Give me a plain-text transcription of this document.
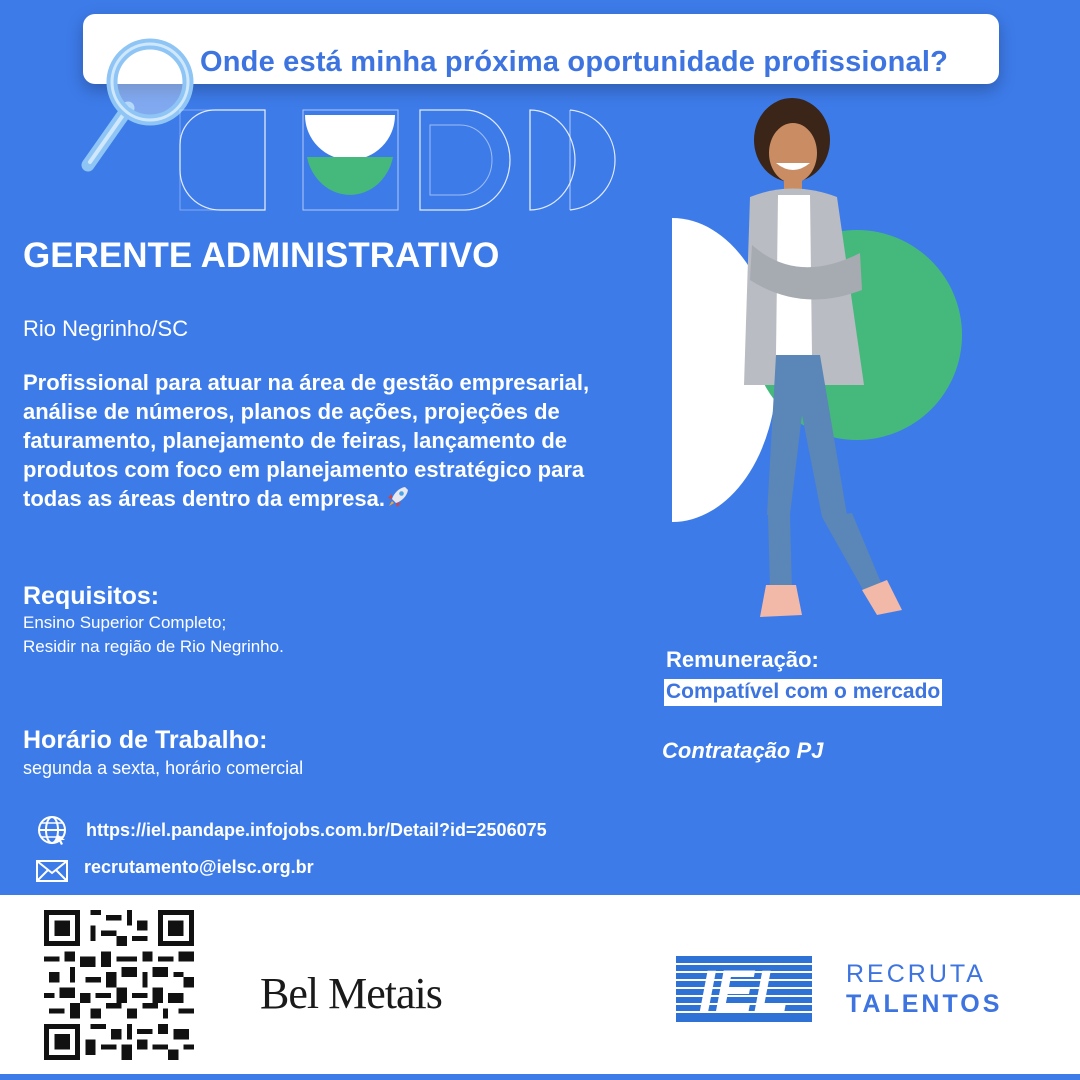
Onde está minha próxima oportunidade profissional?
GERENTE ADMINISTRATIVO
Rio Negrinho/SC

Profissional para atuar na área de gestão empresarial, análise de números, planos de ações, projeções de faturamento, planejamento de feiras, lançamento de produtos com foco em planejamento estratégico para todas as áreas dentro da empresa.

Requisitos:
Ensino Superior Completo;
Residir na região de Rio Negrinho.
Horário de Trabalho:
segunda a sexta, horário comercial
https://iel.pandape.infojobs.com.br/Detail?id=2506075
recrutamento@ielsc.org.br
Remuneração:
Compatível com o mercado
Contratação PJ
Bel Metais	IEL RECRUTA
TALENTOS
